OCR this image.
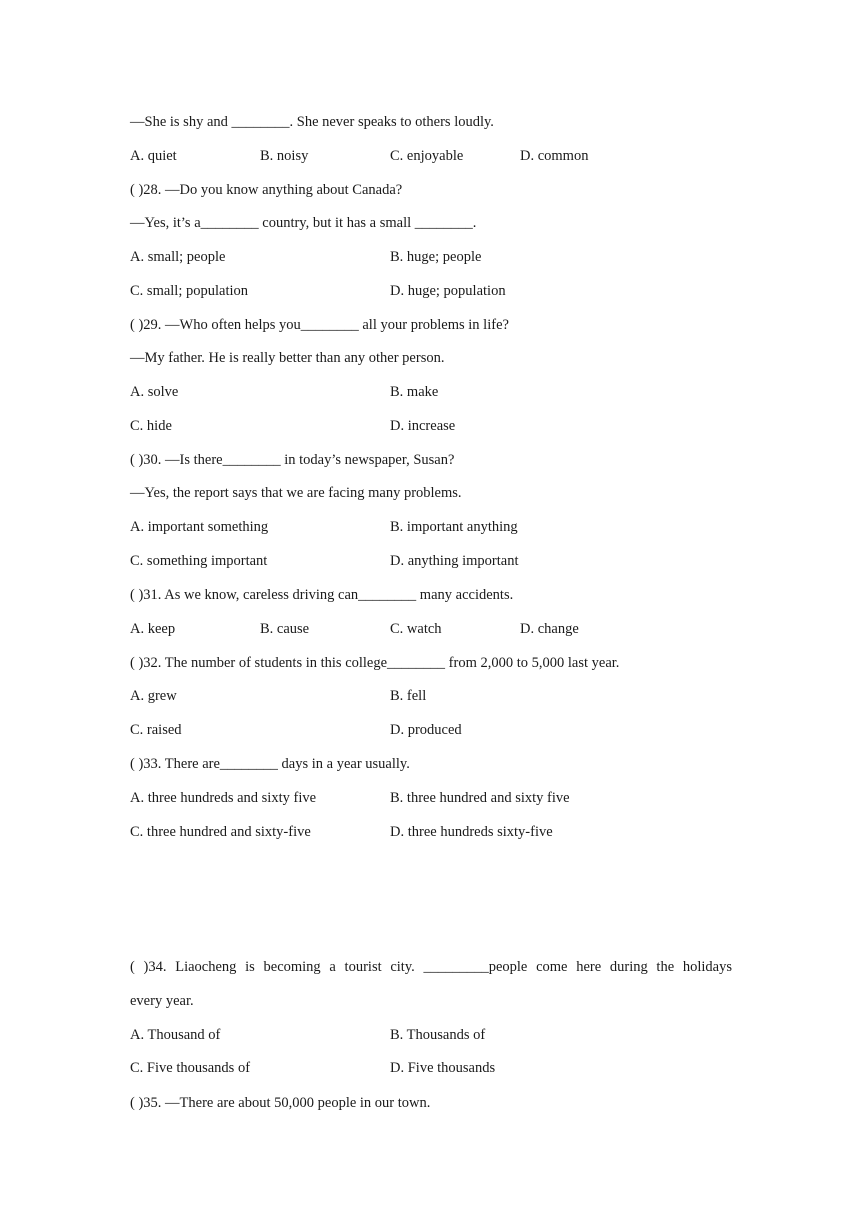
—She is shy and ________. She never speaks to others loudly.
A. quiet	B. noisy	C. enjoyable	D. common
( )28. —Do you know anything about Canada?
—Yes, it’s a________ country, but it has a small ________.
A. small; people	B. huge; people
C. small; population	D. huge; population
( )29. —Who often helps you________ all your problems in life?
—My father. He is really better than any other person.
A. solve	B. make
C. hide	D. increase
( )30. —Is there________ in today’s newspaper, Susan?
—Yes, the report says that we are facing many problems.
A. important something	B. important anything
C. something important	D. anything important
( )31. As we know, careless driving can________ many accidents.
A. keep	B. cause	C. watch	D. change
( )32. The number of students in this college________ from 2,000 to 5,000 last year.
A. grew	B. fell
C. raised	D. produced
( )33. There are________ days in a year usually.
A. three hundreds and sixty five	B. three hundred and sixty five
C. three hundred and sixty-five	D. three hundreds sixty-five
( )34. Liaocheng is becoming a tourist city. _________people come here during the holidays
every year.
A. Thousand of	B. Thousands of
C. Five thousands of	D. Five thousands
( )35. —There are about 50,000 people in our town.
